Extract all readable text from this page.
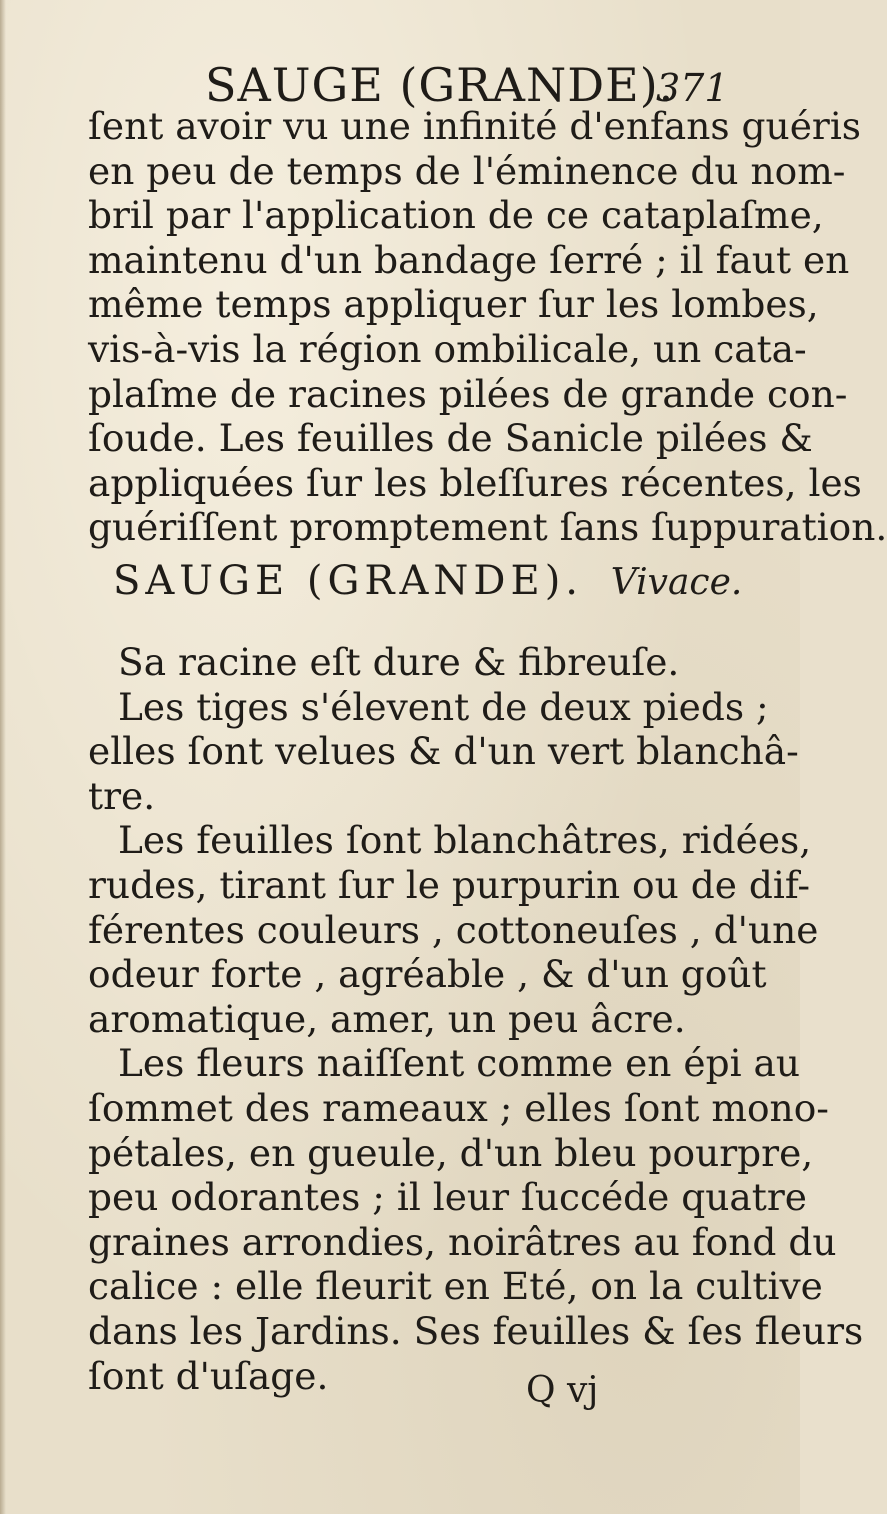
SAUGE (GRANDE).
371
ſent avoir vu une infinité d'enfans guéris
en peu de temps de l'éminence du nom-
bril par l'application de ce cataplaſme,
maintenu d'un bandage ſerré ; il faut en
même temps appliquer ſur les lombes,
vis-à-vis la région ombilicale, un cata-
plaſme de racines pilées de grande con-
ſoude. Les feuilles de Sanicle pilées &
appliquées ſur les bleſſures récentes, les
guériſſent promptement ſans ſuppuration.
SAUGE (GRANDE). Vivace.
Sa racine eſt dure & fibreuſe.
Les tiges s'élevent de deux pieds ;
elles ſont velues & d'un vert blanchâ-
tre.
Les feuilles ſont blanchâtres, ridées,
rudes, tirant ſur le purpurin ou de dif-
férentes couleurs , cottoneuſes , d'une
odeur forte , agréable , & d'un goût
aromatique, amer, un peu âcre.
Les fleurs naiſſent comme en épi au
ſommet des rameaux ; elles ſont mono-
pétales, en gueule, d'un bleu pourpre,
peu odorantes ; il leur ſuccéde quatre
graines arrondies, noirâtres au fond du
calice : elle fleurit en Eté, on la cultive
dans les Jardins. Ses feuilles & ſes fleurs
ſont d'uſage.	Q vj
